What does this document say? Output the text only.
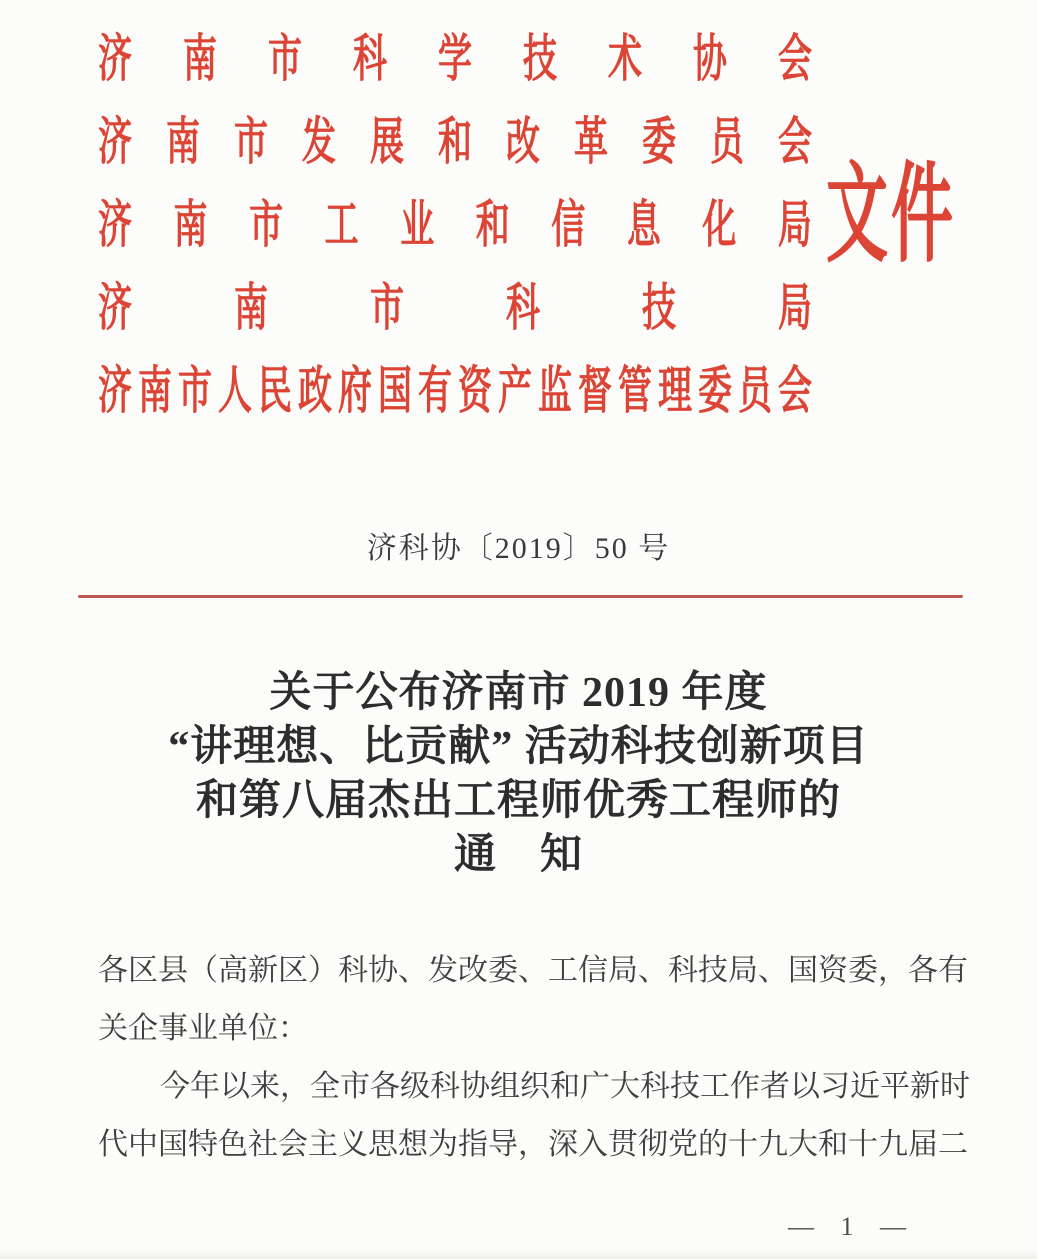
济 南 市 科 学 技 术 协 会
济 南 市 发 展 和 改 革 委 员 会
济 南 市 工 业 和 信 息 化 局
济	南	市	科	技	局
济 南 市 人 民 政 府 国 有 资 产 监 督 管 理 委 员 会
文 件
济科协〔2019〕50 号
关于公布济南市 2019 年度
“讲理想、比贡献” 活动科技创新项目
和第八届杰出工程师优秀工程师的
通　知

各 区 县 （ 高 新 区 ） 科 协 、 发 改 委 、 工 信 局 、 科 技 局 、 国 资 委 ， 各 有

关企事业单位：

今 年 以 来 ， 全 市 各 级 科 协 组 织 和 广 大 科 技 工 作 者 以 习 近 平 新 时

代 中 国 特 色 社 会 主 义 思 想 为 指 导 ， 深 入 贯 彻 党 的 十 九 大 和 十 九 届 二

— 1 —
